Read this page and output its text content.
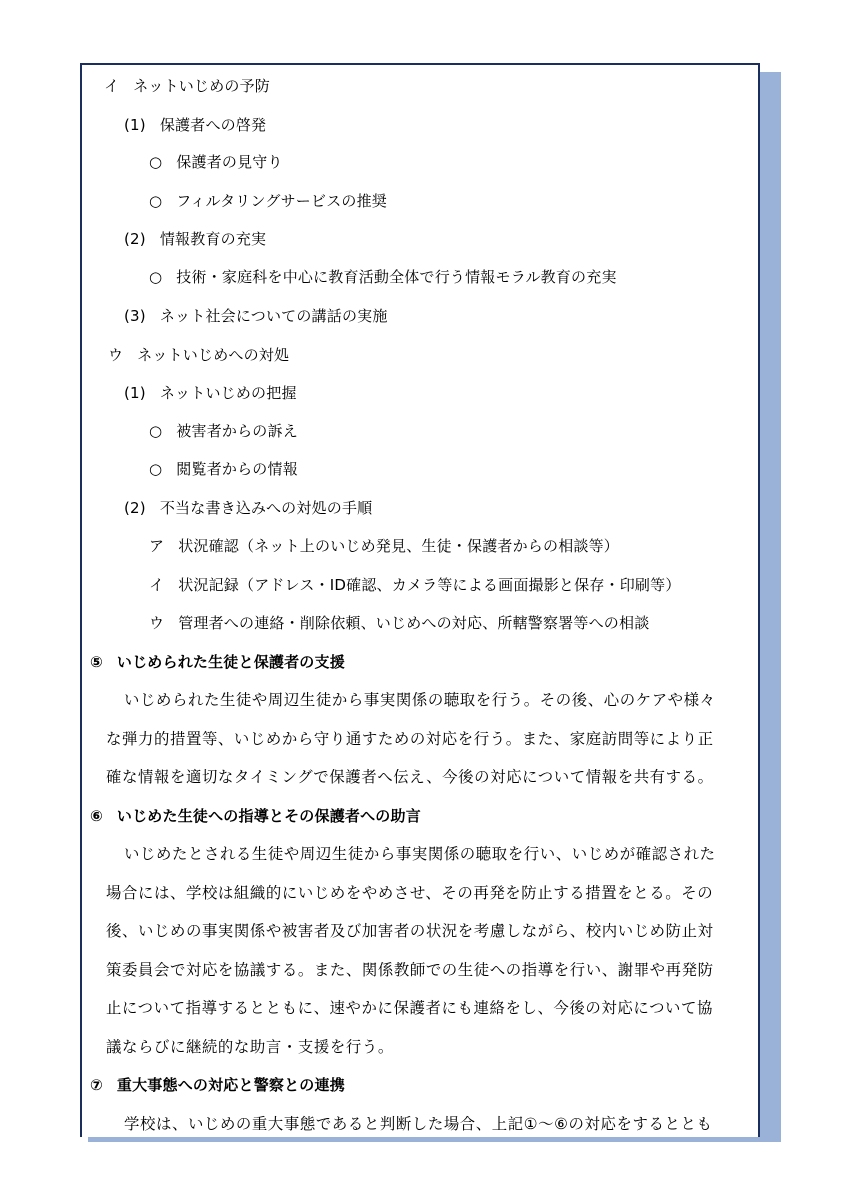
イ ネットいじめの予防
(1) 保護者への啓発
○ 保護者の見守り
○ フィルタリングサービスの推奨
(2) 情報教育の充実
○ 技術・家庭科を中心に教育活動全体で行う情報モラル教育の充実
(3) ネット社会についての講話の実施
ウ ネットいじめへの対処
(1) ネットいじめの把握
○ 被害者からの訴え
○ 閲覧者からの情報
(2) 不当な書き込みへの対処の手順
ア 状況確認（ネット上のいじめ発見、生徒・保護者からの相談等）
イ 状況記録（アドレス・ID確認、カメラ等による画面撮影と保存・印刷等）
ウ 管理者への連絡・削除依頼、いじめへの対応、所轄警察署等への相談
⑤ いじめられた生徒と保護者の支援
いじめられた生徒や周辺生徒から事実関係の聴取を行う。その後、心のケアや様々
な弾力的措置等、いじめから守り通すための対応を行う。また、家庭訪問等により正
確な情報を適切なタイミングで保護者へ伝え、今後の対応について情報を共有する。
⑥ いじめた生徒への指導とその保護者への助言
いじめたとされる生徒や周辺生徒から事実関係の聴取を行い、いじめが確認された
場合には、学校は組織的にいじめをやめさせ、その再発を防止する措置をとる。その
後、いじめの事実関係や被害者及び加害者の状況を考慮しながら、校内いじめ防止対
策委員会で対応を協議する。また、関係教師での生徒への指導を行い、謝罪や再発防
止について指導するとともに、速やかに保護者にも連絡をし、今後の対応について協
議ならびに継続的な助言・支援を行う。
⑦ 重大事態への対応と警察との連携
学校は、いじめの重大事態であると判断した場合、上記①～⑥の対応をするととも
